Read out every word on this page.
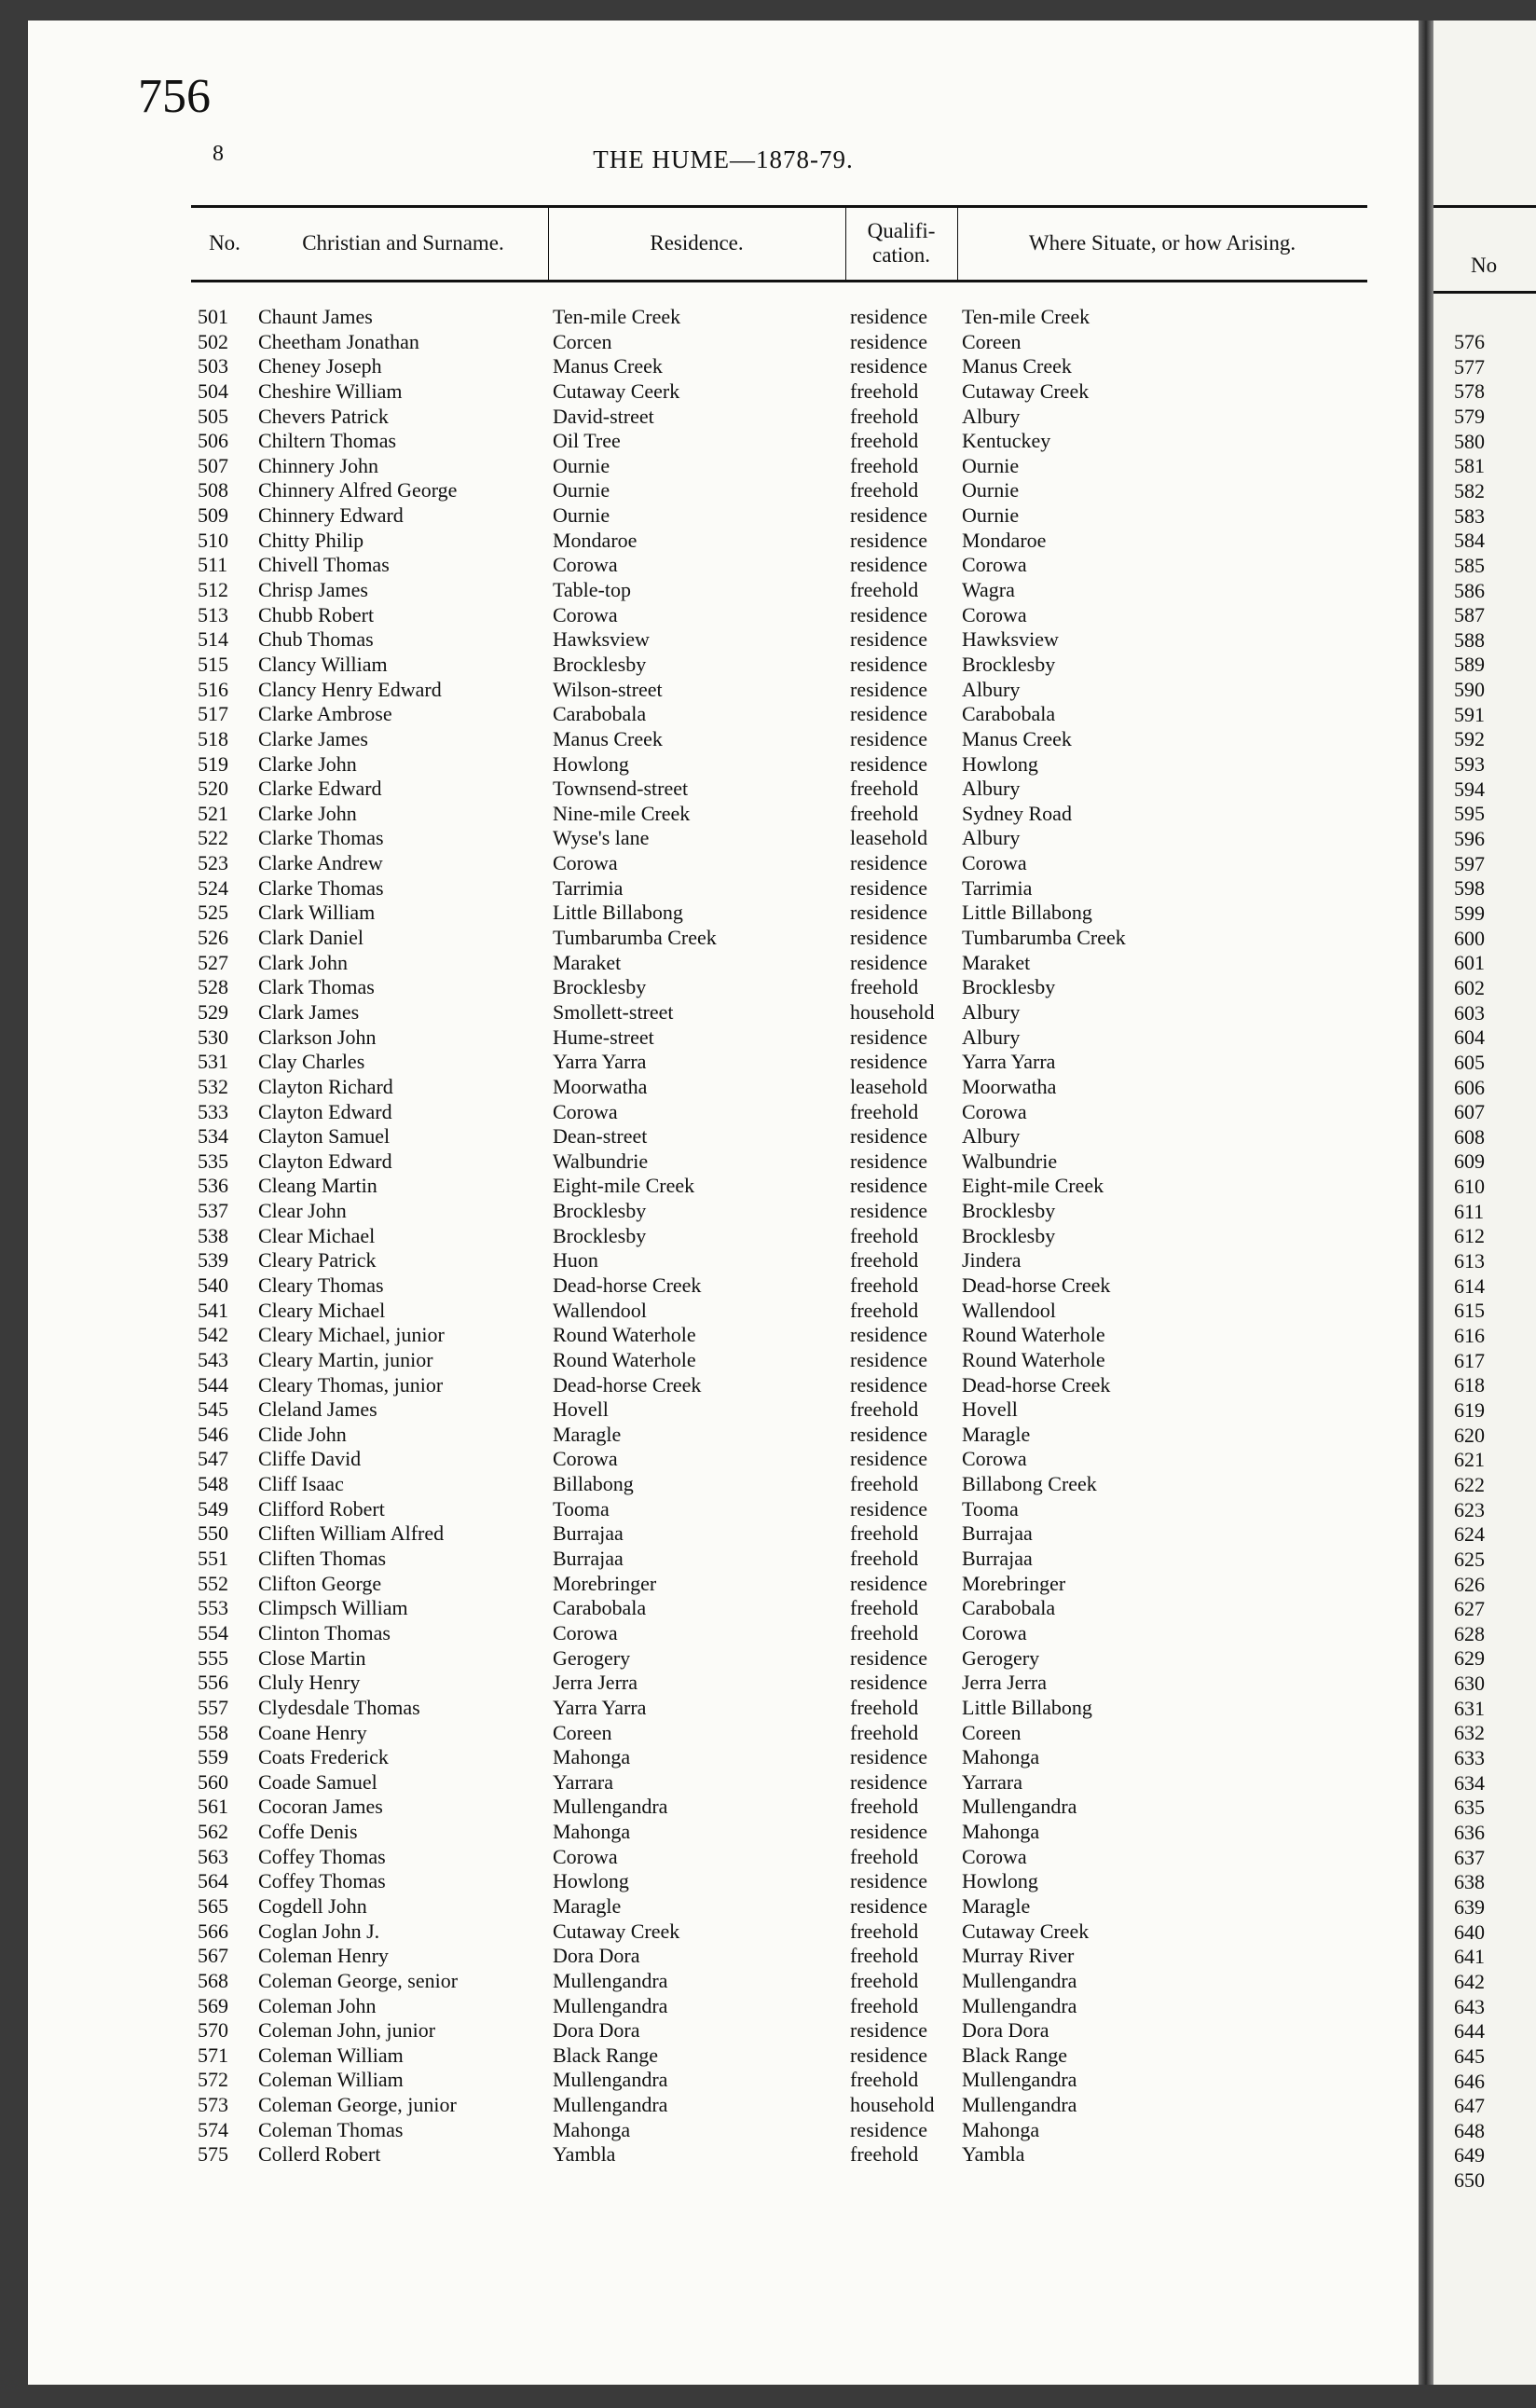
756
8	THE HUME—1878-79.
No.	Christian and Surname.	Residence.
Qualifi-
cation.
Where Situate, or how Arising.
501 Chaunt James	Ten-mile Creek	residence Ten-mile Creek
502 Cheetham Jonathan	Corcen	residence Coreen
503 Cheney Joseph	Manus Creek	residence Manus Creek
504 Cheshire William	Cutaway Ceerk	freehold Cutaway Creek
505 Chevers Patrick	David-street	freehold Albury
506 Chiltern Thomas	Oil Tree	freehold Kentuckey
507 Chinnery John	Ournie	freehold Ournie
508 Chinnery Alfred George	Ournie	freehold Ournie
509 Chinnery Edward	Ournie	residence Ournie
510 Chitty Philip	Mondaroe	residence Mondaroe
511 Chivell Thomas	Corowa	residence Corowa
512 Chrisp James	Table-top	freehold Wagra
513 Chubb Robert	Corowa	residence Corowa
514 Chub Thomas	Hawksview	residence Hawksview
515 Clancy William	Brocklesby	residence Brocklesby
516 Clancy Henry Edward	Wilson-street	residence Albury
517 Clarke Ambrose	Carabobala	residence Carabobala
518 Clarke James	Manus Creek	residence Manus Creek
519 Clarke John	Howlong	residence Howlong
520 Clarke Edward	Townsend-street	freehold Albury
521 Clarke John	Nine-mile Creek	freehold Sydney Road
522 Clarke Thomas	Wyse's lane	leasehold Albury
523 Clarke Andrew	Corowa	residence Corowa
524 Clarke Thomas	Tarrimia	residence Tarrimia
525 Clark William	Little Billabong	residence Little Billabong
526 Clark Daniel	Tumbarumba Creek	residence Tumbarumba Creek
527 Clark John	Maraket	residence Maraket
528 Clark Thomas	Brocklesby	freehold Brocklesby
529 Clark James	Smollett-street	household Albury
530 Clarkson John	Hume-street	residence Albury
531 Clay Charles	Yarra Yarra	residence Yarra Yarra
532 Clayton Richard	Moorwatha	leasehold Moorwatha
533 Clayton Edward	Corowa	freehold Corowa
534 Clayton Samuel	Dean-street	residence Albury
535 Clayton Edward	Walbundrie	residence Walbundrie
536 Cleang Martin	Eight-mile Creek	residence Eight-mile Creek
537 Clear John	Brocklesby	residence Brocklesby
538 Clear Michael	Brocklesby	freehold Brocklesby
539 Cleary Patrick	Huon	freehold Jindera
540 Cleary Thomas	Dead-horse Creek	freehold Dead-horse Creek
541 Cleary Michael	Wallendool	freehold Wallendool
542 Cleary Michael, junior	Round Waterhole	residence Round Waterhole
543 Cleary Martin, junior	Round Waterhole	residence Round Waterhole
544 Cleary Thomas, junior	Dead-horse Creek	residence Dead-horse Creek
545 Cleland James	Hovell	freehold Hovell
546 Clide John	Maragle	residence Maragle
547 Cliffe David	Corowa	residence Corowa
548 Cliff Isaac	Billabong	freehold Billabong Creek
549 Clifford Robert	Tooma	residence Tooma
550 Cliften William Alfred	Burrajaa	freehold Burrajaa
551 Cliften Thomas	Burrajaa	freehold Burrajaa
552 Clifton George	Morebringer	residence Morebringer
553 Climpsch William	Carabobala	freehold Carabobala
554 Clinton Thomas	Corowa	freehold Corowa
555 Close Martin	Gerogery	residence Gerogery
556 Cluly Henry	Jerra Jerra	residence Jerra Jerra
557 Clydesdale Thomas	Yarra Yarra	freehold Little Billabong
558 Coane Henry	Coreen	freehold Coreen
559 Coats Frederick	Mahonga	residence Mahonga
560 Coade Samuel	Yarrara	residence Yarrara
561 Cocoran James	Mullengandra	freehold Mullengandra
562 Coffe Denis	Mahonga	residence Mahonga
563 Coffey Thomas	Corowa	freehold Corowa
564 Coffey Thomas	Howlong	residence Howlong
565 Cogdell John	Maragle	residence Maragle
566 Coglan John J.	Cutaway Creek	freehold Cutaway Creek
567 Coleman Henry	Dora Dora	freehold Murray River
568 Coleman George, senior	Mullengandra	freehold Mullengandra
569 Coleman John	Mullengandra	freehold Mullengandra
570 Coleman John, junior	Dora Dora	residence Dora Dora
571 Coleman William	Black Range	residence Black Range
572 Coleman William	Mullengandra	freehold Mullengandra
573 Coleman George, junior	Mullengandra	household Mullengandra
574 Coleman Thomas	Mahonga	residence Mahonga
575 Collerd Robert	Yambla	freehold Yambla
No
576
577
578
579
580
581
582
583
584
585
586
587
588
589
590
591
592
593
594
595
596
597
598
599
600
601
602
603
604
605
606
607
608
609
610
611
612
613
614
615
616
617
618
619
620
621
622
623
624
625
626
627
628
629
630
631
632
633
634
635
636
637
638
639
640
641
642
643
644
645
646
647
648
649
650
